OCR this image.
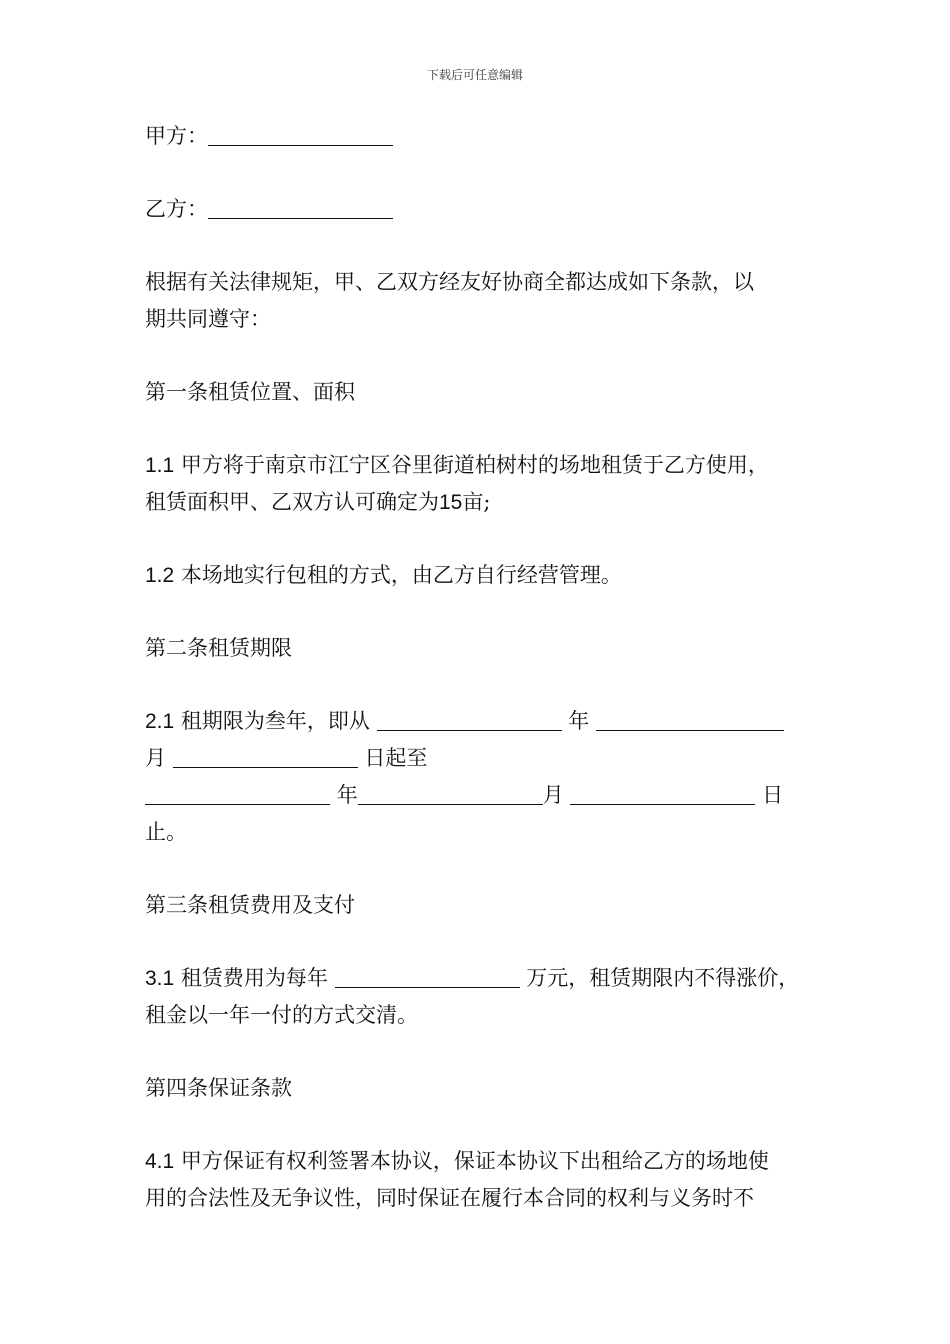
下载后可任意编辑

甲方：

乙方：

根据有关法律规矩，甲、乙双方经友好协商全都达成如下条款，以
期共同遵守：

第一条租赁位置、面积

1.1 甲方将于南京市江宁区谷里街道柏树村的场地租赁于乙方使用，
租赁面积甲、乙双方认可确定为15亩;

1.2 本场地实行包租的方式，由乙方自行经营管理。

第二条租赁期限

2.1 租期限为叁年，即从	年
月	日起至
年	月	日
止。

第三条租赁费用及支付

3.1 租赁费用为每年	万元，租赁期限内不得涨价，
租金以一年一付的方式交清。

第四条保证条款

4.1 甲方保证有权利签署本协议，保证本协议下出租给乙方的场地使
用的合法性及无争议性，同时保证在履行本合同的权利与义务时不
